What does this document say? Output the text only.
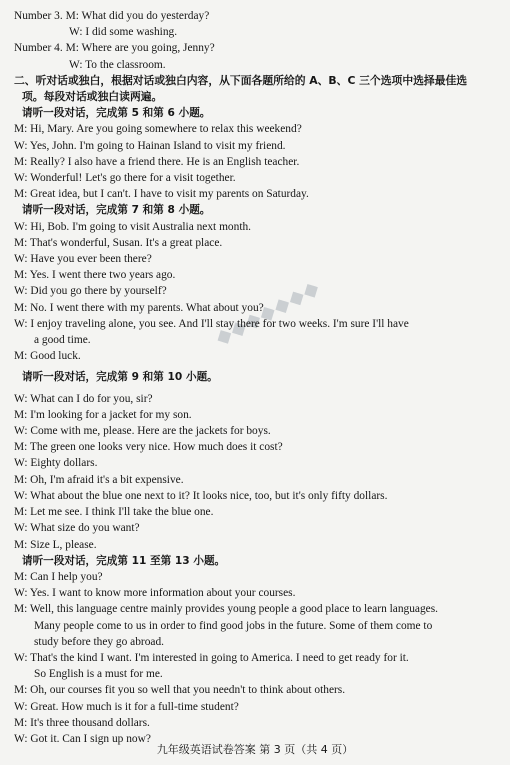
◆◆◆◆◆◆◆
Number 3. M: What did you do yesterday?
W: I did some washing.
Number 4. M: Where are you going, Jenny?
W: To the classroom.
二、听对话或独白，根据对话或独白内容，从下面各题所给的 A、B、C 三个选项中选择最佳选
项。每段对话或独白读两遍。
请听一段对话，完成第 5 和第 6 小题。
M: Hi, Mary. Are you going somewhere to relax this weekend?
W: Yes, John. I'm going to Hainan Island to visit my friend.
M: Really? I also have a friend there. He is an English teacher.
W: Wonderful! Let's go there for a visit together.
M: Great idea, but I can't. I have to visit my parents on Saturday.
请听一段对话，完成第 7 和第 8 小题。
W: Hi, Bob. I'm going to visit Australia next month.
M: That's wonderful, Susan. It's a great place.
W: Have you ever been there?
M: Yes. I went there two years ago.
W: Did you go there by yourself?
M: No. I went there with my parents. What about you?
W: I enjoy traveling alone, you see. And I'll stay there for two weeks. I'm sure I'll have
a good time.
M: Good luck.
请听一段对话，完成第 9 和第 10 小题。
W: What can I do for you, sir?
M: I'm looking for a jacket for my son.
W: Come with me, please. Here are the jackets for boys.
M: The green one looks very nice. How much does it cost?
W: Eighty dollars.
M: Oh, I'm afraid it's a bit expensive.
W: What about the blue one next to it? It looks nice, too, but it's only fifty dollars.
M: Let me see. I think I'll take the blue one.
W: What size do you want?
M: Size L, please.
请听一段对话，完成第 11 至第 13 小题。
M: Can I help you?
W: Yes. I want to know more information about your courses.
M: Well, this language centre mainly provides young people a good place to learn languages.
Many people come to us in order to find good jobs in the future. Some of them come to
study before they go abroad.
W: That's the kind I want. I'm interested in going to America. I need to get ready for it.
So English is a must for me.
M: Oh, our courses fit you so well that you needn't to think about others.
W: Great. How much is it for a full-time student?
M: It's three thousand dollars.
W: Got it. Can I sign up now?
九年级英语试卷答案 第 3 页（共 4 页）
